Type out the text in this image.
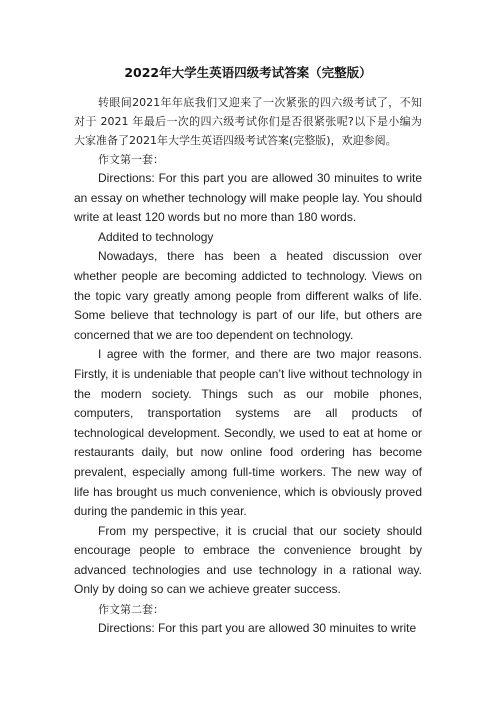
2022年大学生英语四级考试答案（完整版）

转眼间2021年年底我们又迎来了一次紧张的四六级考试了，不知对于 2021 年最后一次的四六级考试你们是否很紧张呢?以下是小编为大家准备了2021年大学生英语四级考试答案(完整版)，欢迎参阅。

作文第一套：

Directions: For this part you are allowed 30 minuites to write an essay on whether technology will make people lay. You should write at least 120 words but no more than 180 words.

Addited to technology

Nowadays, there has been a heated discussion over whether people are becoming addicted to technology. Views on the topic vary greatly among people from different walks of life. Some believe that technology is part of our life, but others are concerned that we are too dependent on technology.

I agree with the former, and there are two major reasons. Firstly, it is undeniable that people can’t live without technology in the modern society. Things such as our mobile phones, computers, transportation systems are all products of technological development. Secondly, we used to eat at home or restaurants daily, but now online food ordering has become prevalent, especially among full-time workers. The new way of life has brought us much convenience, which is obviously proved during the pandemic in this year.

From my perspective, it is crucial that our society should encourage people to embrace the convenience brought by advanced technologies and use technology in a rational way. Only by doing so can we achieve greater success.

作文第二套：

Directions: For this part you are allowed 30 minuites to write
